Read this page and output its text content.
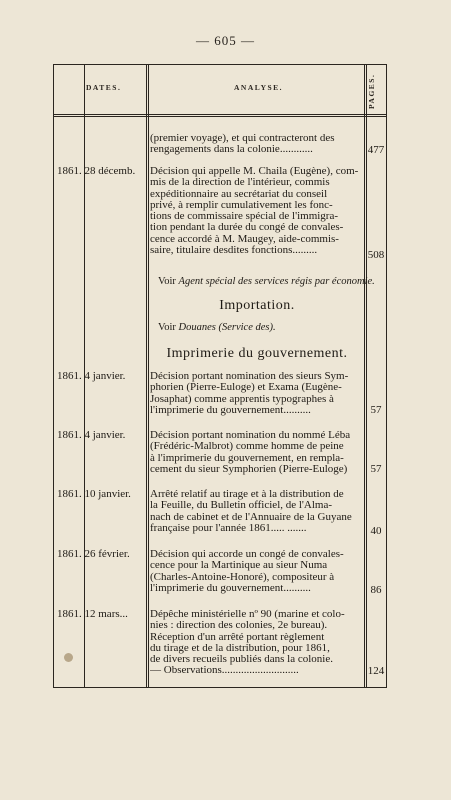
— 605 —
DATES.	ANALYSE.	PAGES.
(premier voyage), et qui contracteront des
rengagements dans la colonie............	477
1861. 28 décemb.	Décision qui appelle M. Chaila (Eugène), com-
mis de la direction de l'intérieur, commis
expéditionnaire au secrétariat du conseil
privé, à remplir cumulativement les fonc-
tions de commissaire spécial de l'immigra-
tion pendant la durée du congé de convales-
cence accordé à M. Maugey, aide-commis-
saire, titulaire desdites fonctions.........	508
Voir Agent spécial des services régis par économie.
Importation.
Voir Douanes (Service des).
Imprimerie du gouvernement.
1861. 4 janvier.	Décision portant nomination des sieurs Sym-
phorien (Pierre-Euloge) et Examа (Eugène-
Josaphat) comme apprentis typographes à
l'imprimerie du gouvernement..........	57
1861. 4 janvier.	Décision portant nomination du nommé Léba
(Frédéric-Malbrot) comme homme de peine
à l'imprimerie du gouvernement, en rempla-
cement du sieur Symphorien (Pierre-Euloge)	57
1861. 10 janvier.	Arrêté relatif au tirage et à la distribution de
la Feuille, du Bulletin officiel, de l'Alma-
nach de cabinet et de l'Annuaire de la Guyane
française pour l'année 1861..... .......	40
1861. 26 février.	Décision qui accorde un congé de convales-
cence pour la Martinique au sieur Numa
(Charles-Antoine-Honoré), compositeur à
l'imprimerie du gouvernement..........	86
1861. 12 mars...	Dépêche ministérielle nº 90 (marine et colo-
nies : direction des colonies, 2e bureau).
Réception d'un arrêté portant règlement
du tirage et de la distribution, pour 1861,
de divers recueils publiés dans la colonie.
— Observations............................	124
